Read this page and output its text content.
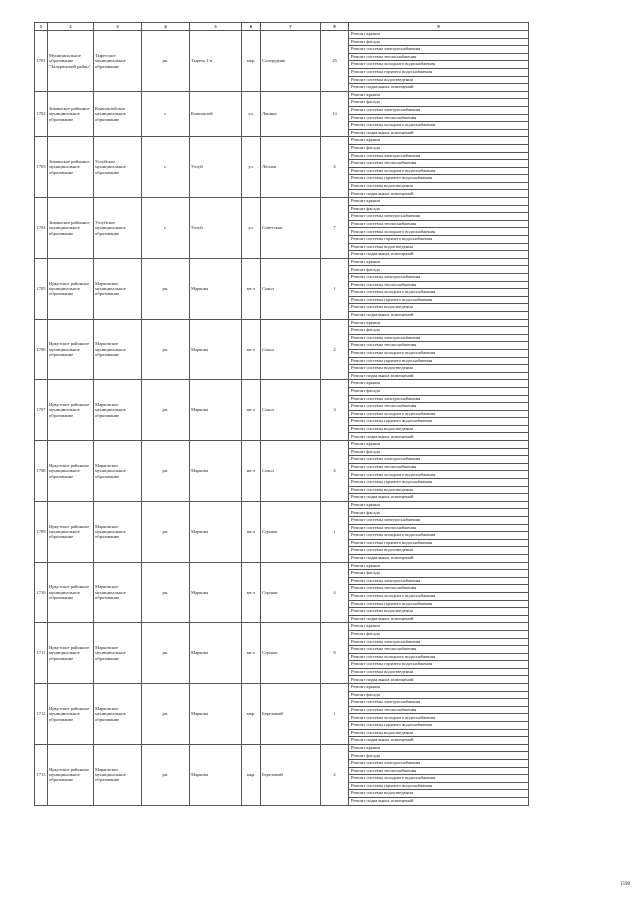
1	2	3	4	5	6	7	8	9
1701	Муниципальное образование "Заларинский район"	Тыретское муниципальное образование	рп.	Тыреть 1-я	мкр.	Солерудник	25	Ремонт крыши
								Ремонт фасада
								Ремонт системы электроснабжения
								Ремонт системы теплоснабжения
								Ремонт системы холодного водоснабжения
								Ремонт системы горячего водоснабжения
								Ремонт системы водоотведения
								Ремонт подвальных помещений
1702	Зиминское районное муниципальное образование	Кимильтейское муниципальное образование	с.	Кимильтей	ул.	Ленина	13	Ремонт крыши
								Ремонт фасада
								Ремонт системы электроснабжения
								Ремонт системы теплоснабжения
								Ремонт системы холодного водоснабжения
								Ремонт подвальных помещений
1703	Зиминское районное муниципальное образование	Ухтуйское муниципальное образование	с.	Ухтуй	ул.	Лесная	4	Ремонт крыши
								Ремонт фасада
								Ремонт системы электроснабжения
								Ремонт системы теплоснабжения
								Ремонт системы холодного водоснабжения
								Ремонт системы горячего водоснабжения
								Ремонт системы водоотведения
								Ремонт подвальных помещений
1704	Зиминское районное муниципальное образование	Ухтуйское муниципальное образование	с.	Ухтуй	ул.	Советская	7	Ремонт крыши
								Ремонт фасада
								Ремонт системы электроснабжения
								Ремонт системы теплоснабжения
								Ремонт системы холодного водоснабжения
								Ремонт системы горячего водоснабжения
								Ремонт системы водоотведения
								Ремонт подвальных помещений
1705	Иркутское районное муниципальное образование	Марковское муниципальное образование	рп.	Маркова	кв-л	Сокол	1	Ремонт крыши
								Ремонт фасада
								Ремонт системы электроснабжения
								Ремонт системы теплоснабжения
								Ремонт системы холодного водоснабжения
								Ремонт системы горячего водоснабжения
								Ремонт системы водоотведения
								Ремонт подвальных помещений
1706	Иркутское районное муниципальное образование	Марковское муниципальное образование	рп.	Маркова	кв-л	Сокол	2	Ремонт крыши
								Ремонт фасада
								Ремонт системы электроснабжения
								Ремонт системы теплоснабжения
								Ремонт системы холодного водоснабжения
								Ремонт системы горячего водоснабжения
								Ремонт системы водоотведения
								Ремонт подвальных помещений
1707	Иркутское районное муниципальное образование	Марковское муниципальное образование	рп.	Маркова	кв-л	Сокол	3	Ремонт крыши
								Ремонт фасада
								Ремонт системы электроснабжения
								Ремонт системы теплоснабжения
								Ремонт системы холодного водоснабжения
								Ремонт системы горячего водоснабжения
								Ремонт системы водоотведения
								Ремонт подвальных помещений
1708	Иркутское районное муниципальное образование	Марковское муниципальное образование	рп.	Маркова	кв-л	Сокол	4	Ремонт крыши
								Ремонт фасада
								Ремонт системы электроснабжения
								Ремонт системы теплоснабжения
								Ремонт системы холодного водоснабжения
								Ремонт системы горячего водоснабжения
								Ремонт системы водоотведения
								Ремонт подвальных помещений
1709	Иркутское районное муниципальное образование	Марковское муниципальное образование	рп.	Маркова	кв-л	Стрижи	1	Ремонт крыши
								Ремонт фасада
								Ремонт системы электроснабжения
								Ремонт системы теплоснабжения
								Ремонт системы холодного водоснабжения
								Ремонт системы горячего водоснабжения
								Ремонт системы водоотведения
								Ремонт подвальных помещений
1710	Иркутское районное муниципальное образование	Марковское муниципальное образование	рп.	Маркова	кв-л	Стрижи	4	Ремонт крыши
								Ремонт фасада
								Ремонт системы электроснабжения
								Ремонт системы теплоснабжения
								Ремонт системы холодного водоснабжения
								Ремонт системы горячего водоснабжения
								Ремонт системы водоотведения
								Ремонт подвальных помещений
1711	Иркутское районное муниципальное образование	Марковское муниципальное образование	рп.	Маркова	кв-л	Стрижи	8	Ремонт крыши
								Ремонт фасада
								Ремонт системы электроснабжения
								Ремонт системы теплоснабжения
								Ремонт системы холодного водоснабжения
								Ремонт системы горячего водоснабжения
								Ремонт системы водоотведения
								Ремонт подвальных помещений
1712	Иркутское районное муниципальное образование	Марковское муниципальное образование	рп.	Маркова	мкр.	Березовый	1	Ремонт крыши
								Ремонт фасада
								Ремонт системы электроснабжения
								Ремонт системы теплоснабжения
								Ремонт системы холодного водоснабжения
								Ремонт системы горячего водоснабжения
								Ремонт системы водоотведения
								Ремонт подвальных помещений
1713	Иркутское районное муниципальное образование	Марковское муниципальное образование	рп.	Маркова	мкр.	Березовый	2	Ремонт крыши
								Ремонт фасада
								Ремонт системы электроснабжения
								Ремонт системы теплоснабжения
								Ремонт системы холодного водоснабжения
								Ремонт системы горячего водоснабжения
								Ремонт системы водоотведения
								Ремонт подвальных помещений
1598
